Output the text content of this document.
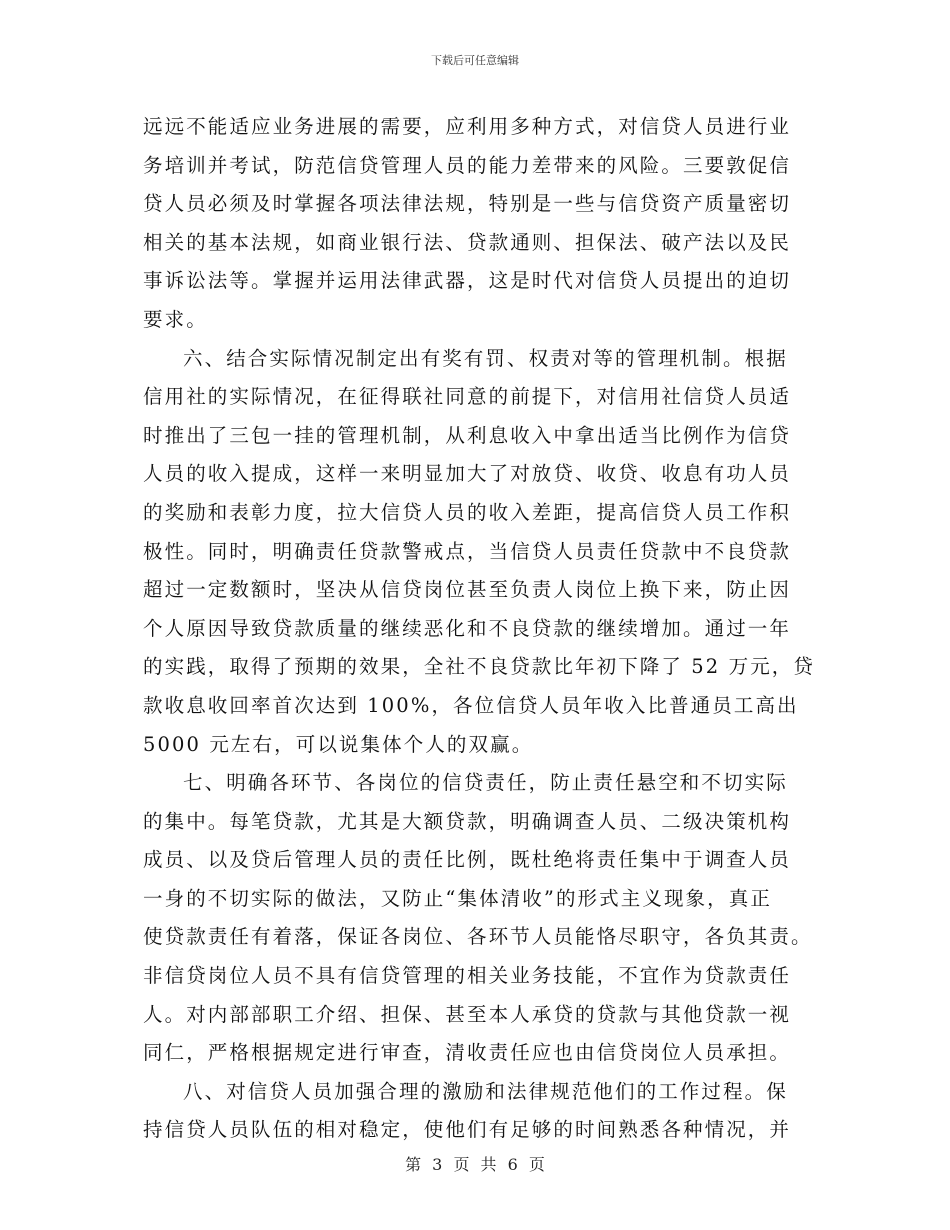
下载后可任意编辑
远远不能适应业务进展的需要，应利用多种方式，对信贷人员进行业
务培训并考试，防范信贷管理人员的能力差带来的风险。三要敦促信
贷人员必须及时掌握各项法律法规，特别是一些与信贷资产质量密切
相关的基本法规，如商业银行法、贷款通则、担保法、破产法以及民
事诉讼法等。掌握并运用法律武器，这是时代对信贷人员提出的迫切
要求。
六、结合实际情况制定出有奖有罚、权责对等的管理机制。根据
信用社的实际情况，在征得联社同意的前提下，对信用社信贷人员适
时推出了三包一挂的管理机制，从利息收入中拿出适当比例作为信贷
人员的收入提成，这样一来明显加大了对放贷、收贷、收息有功人员
的奖励和表彰力度，拉大信贷人员的收入差距，提高信贷人员工作积
极性。同时，明确责任贷款警戒点，当信贷人员责任贷款中不良贷款
超过一定数额时，坚决从信贷岗位甚至负责人岗位上换下来，防止因
个人原因导致贷款质量的继续恶化和不良贷款的继续增加。通过一年
的实践，取得了预期的效果，全社不良贷款比年初下降了 52 万元，贷
款收息收回率首次达到 100%，各位信贷人员年收入比普通员工高出
5000 元左右，可以说集体个人的双赢。
七、明确各环节、各岗位的信贷责任，防止责任悬空和不切实际
的集中。每笔贷款，尤其是大额贷款，明确调查人员、二级决策机构
成员、以及贷后管理人员的责任比例，既杜绝将责任集中于调查人员
一身的不切实际的做法，又防止“集体清收”的形式主义现象，真正
使贷款责任有着落，保证各岗位、各环节人员能恪尽职守，各负其责。
非信贷岗位人员不具有信贷管理的相关业务技能，不宜作为贷款责任
人。对内部部职工介绍、担保、甚至本人承贷的贷款与其他贷款一视
同仁，严格根据规定进行审查，清收责任应也由信贷岗位人员承担。
八、对信贷人员加强合理的激励和法律规范他们的工作过程。保
持信贷人员队伍的相对稳定，使他们有足够的时间熟悉各种情况，并
第 3 页 共 6 页
